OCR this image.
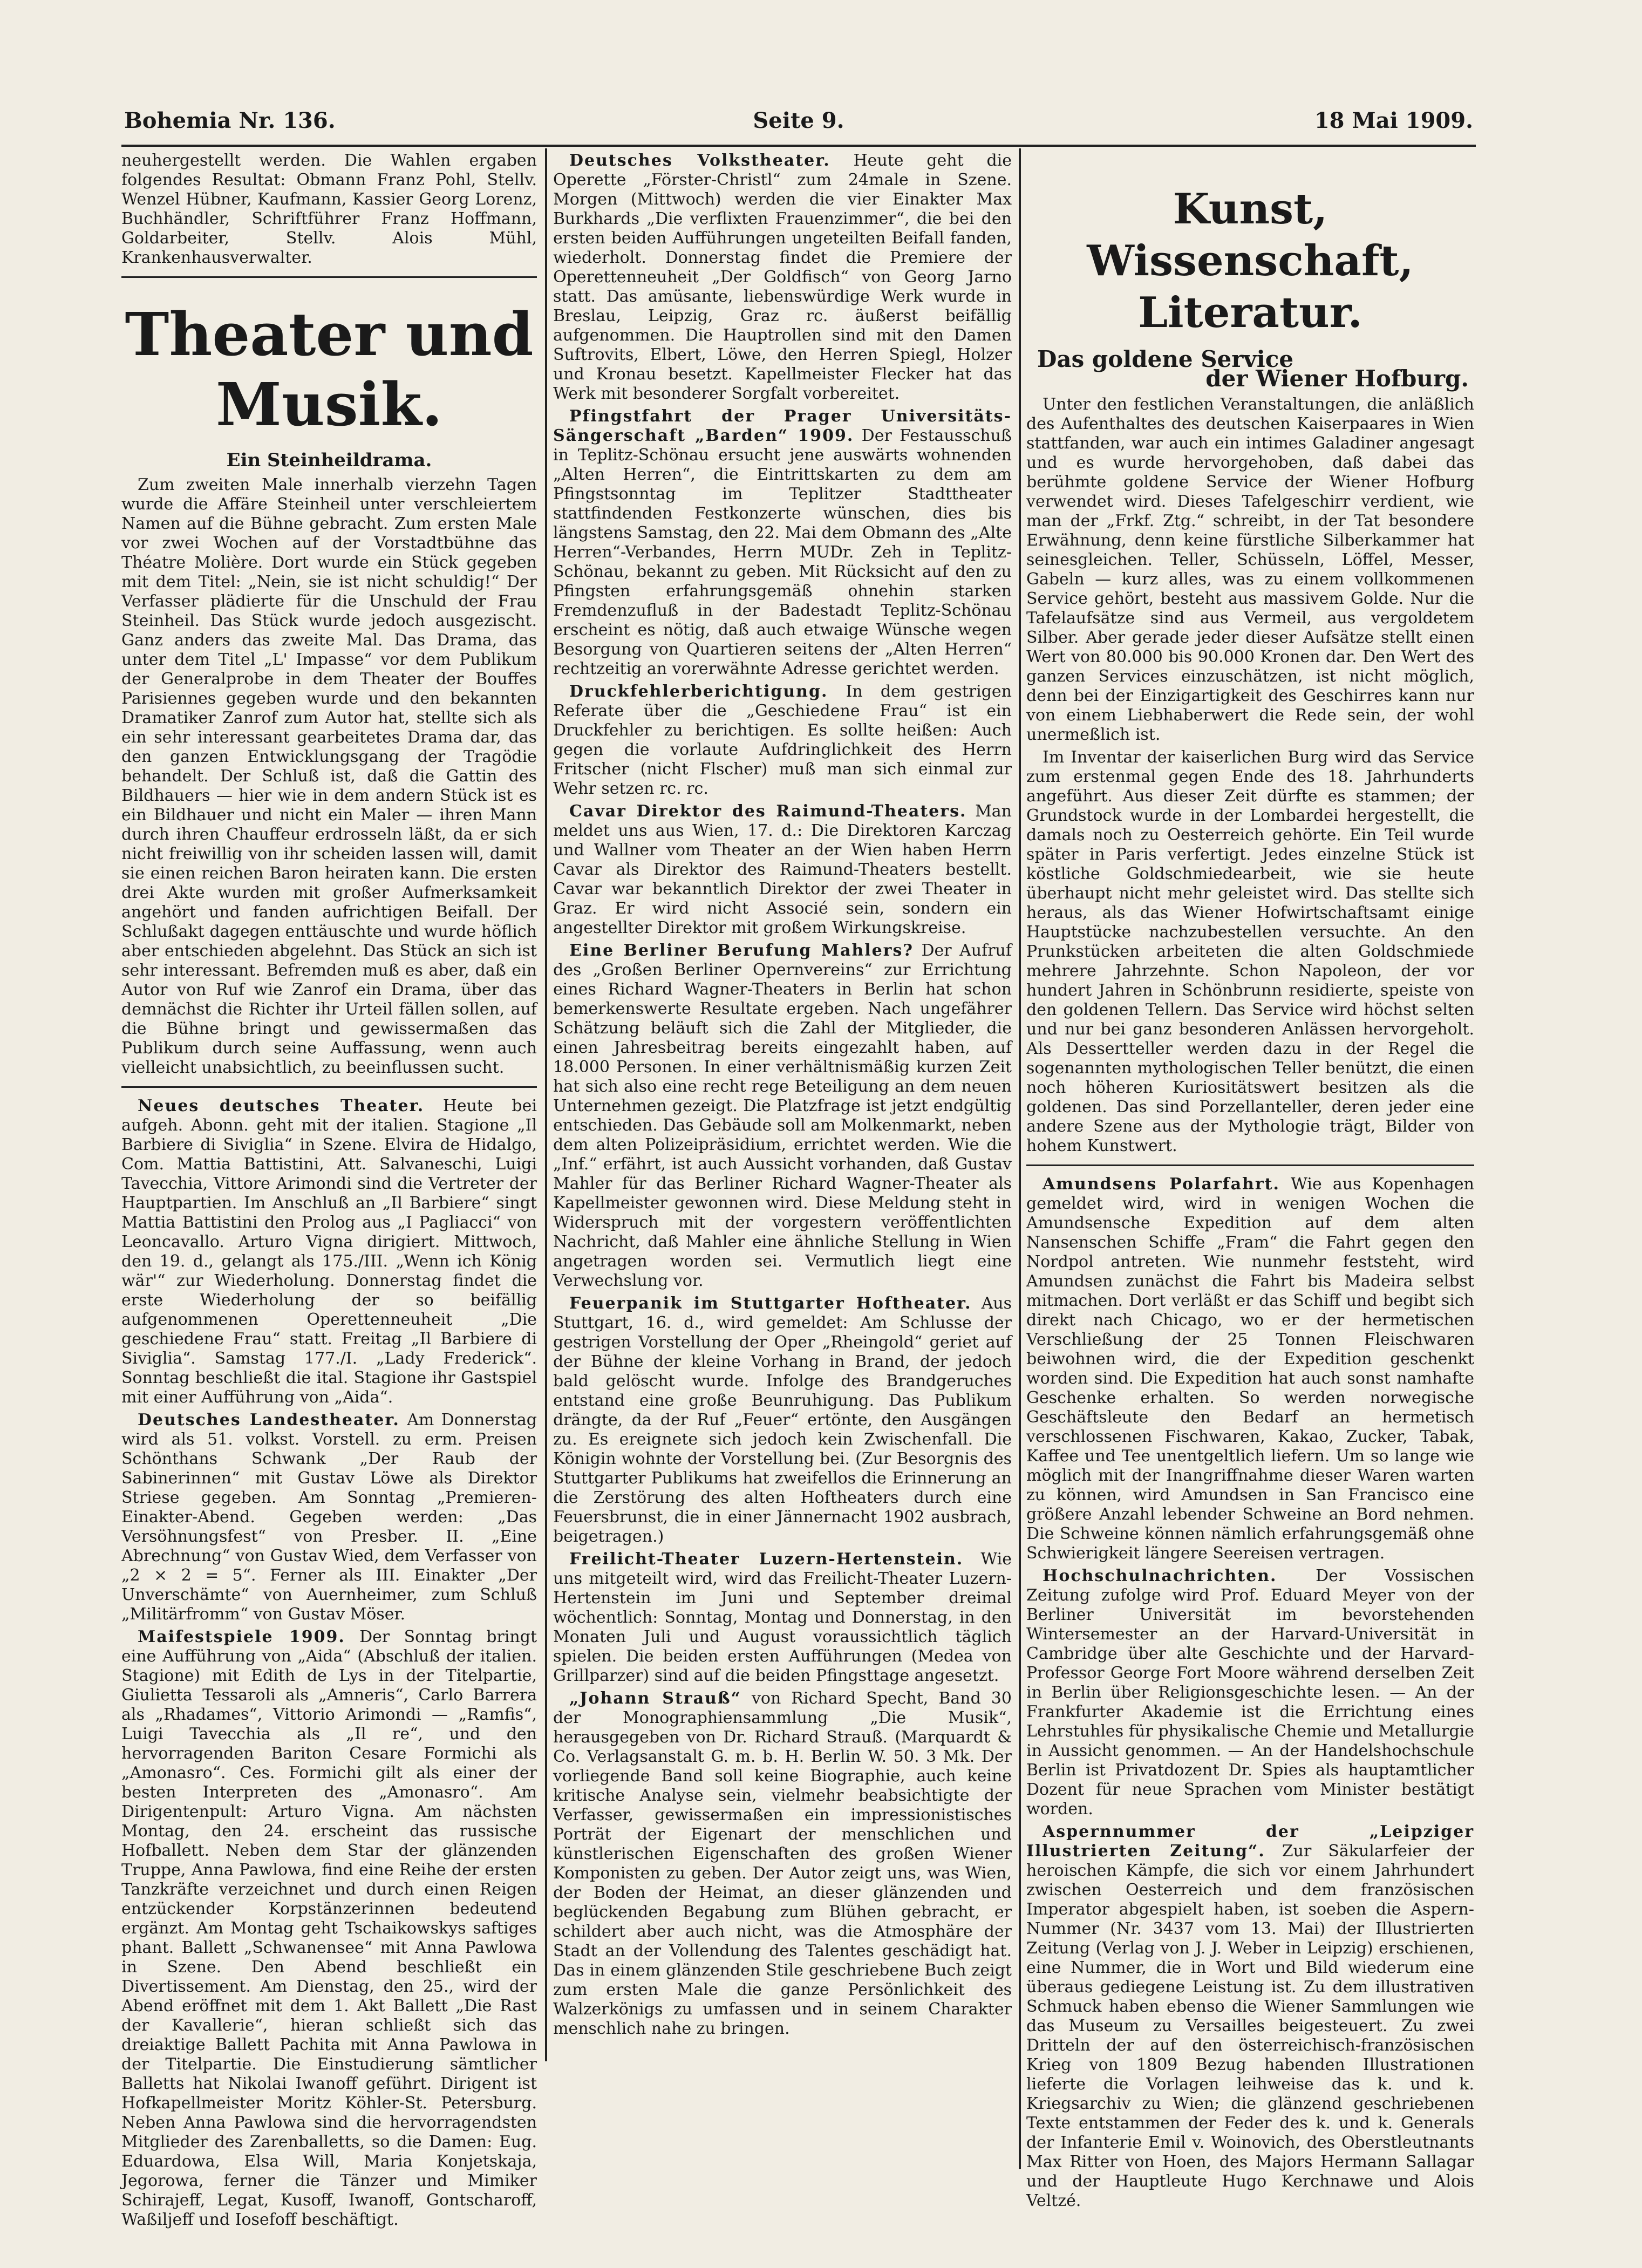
Bohemia Nr. 136.	Seite 9.	18 Mai 1909.

neuhergestellt werden. Die Wahlen ergaben folgendes Resultat: Obmann Franz Pohl, Stellv. Wenzel Hübner, Kaufmann, Kassier Georg Lorenz, Buchhändler, Schriftführer Franz Hoffmann, Goldarbeiter, Stellv. Alois Mühl, Krankenhausverwalter.

Theater und Musik.
Ein Steinheildrama.

Zum zweiten Male innerhalb vierzehn Tagen wurde die Affäre Steinheil unter verschleiertem Namen auf die Bühne gebracht. Zum ersten Male vor zwei Wochen auf der Vorstadtbühne das Théatre Molière. Dort wurde ein Stück gegeben mit dem Titel: „Nein, sie ist nicht schuldig!“ Der Verfasser plädierte für die Unschuld der Frau Steinheil. Das Stück wurde jedoch ausgezischt. Ganz anders das zweite Mal. Das Drama, das unter dem Titel „L' Impasse“ vor dem Publikum der Generalprobe in dem Theater der Bouffes Parisiennes gegeben wurde und den bekannten Dramatiker Zanrof zum Autor hat, stellte sich als ein sehr interessant gearbeitetes Drama dar, das den ganzen Entwicklungsgang der Tragödie behandelt. Der Schluß ist, daß die Gattin des Bildhauers — hier wie in dem andern Stück ist es ein Bildhauer und nicht ein Maler — ihren Mann durch ihren Chauffeur erdrosseln läßt, da er sich nicht freiwillig von ihr scheiden lassen will, damit sie einen reichen Baron heiraten kann. Die ersten drei Akte wurden mit großer Aufmerksamkeit angehört und fanden aufrichtigen Beifall. Der Schlußakt dagegen enttäuschte und wurde höflich aber entschieden abgelehnt. Das Stück an sich ist sehr interessant. Befremden muß es aber, daß ein Autor von Ruf wie Zanrof ein Drama, über das demnächst die Richter ihr Urteil fällen sollen, auf die Bühne bringt und gewissermaßen das Publikum durch seine Auffassung, wenn auch vielleicht unabsichtlich, zu beeinflussen sucht.

Neues deutsches Theater. Heute bei aufgeh. Abonn. geht mit der italien. Stagione „Il Barbiere di Siviglia“ in Szene. Elvira de Hidalgo, Com. Mattia Battistini, Att. Salvaneschi, Luigi Tavecchia, Vittore Arimondi sind die Vertreter der Hauptpartien. Im Anschluß an „Il Barbiere“ singt Mattia Battistini den Prolog aus „I Pagliacci“ von Leoncavallo. Arturo Vigna dirigiert. Mittwoch, den 19. d., gelangt als 175./III. „Wenn ich König wär'“ zur Wiederholung. Donnerstag findet die erste Wiederholung der so beifällig aufgenommenen Operettenneuheit „Die geschiedene Frau“ statt. Freitag „Il Barbiere di Siviglia“. Samstag 177./I. „Lady Frederick“. Sonntag beschließt die ital. Stagione ihr Gastspiel mit einer Aufführung von „Aida“.

Deutsches Landestheater. Am Donnerstag wird als 51. volkst. Vorstell. zu erm. Preisen Schönthans Schwank „Der Raub der Sabinerinnen“ mit Gustav Löwe als Direktor Striese gegeben. Am Sonntag „Premieren-Einakter-Abend. Gegeben werden: „Das Versöhnungsfest“ von Presber. II. „Eine Abrechnung“ von Gustav Wied, dem Verfasser von „2 × 2 = 5“. Ferner als III. Einakter „Der Unverschämte“ von Auernheimer, zum Schluß „Militärfromm“ von Gustav Möser.

Maifestspiele 1909. Der Sonntag bringt eine Aufführung von „Aida“ (Abschluß der italien. Stagione) mit Edith de Lys in der Titelpartie, Giulietta Tessaroli als „Amneris“, Carlo Barrera als „Rhadames“, Vittorio Arimondi — „Ramfis“, Luigi Tavecchia als „Il re“, und den hervorragenden Bariton Cesare Formichi als „Amonasro“. Ces. Formichi gilt als einer der besten Interpreten des „Amonasro“. Am Dirigentenpult: Arturo Vigna. Am nächsten Montag, den 24. erscheint das russische Hofballett. Neben dem Star der glänzenden Truppe, Anna Pawlowa, find eine Reihe der ersten Tanzkräfte verzeichnet und durch einen Reigen entzückender Korpstänzerinnen bedeutend ergänzt. Am Montag geht Tschaikowskys saftiges phant. Ballett „Schwanensee“ mit Anna Pawlowa in Szene. Den Abend beschließt ein Divertissement. Am Dienstag, den 25., wird der Abend eröffnet mit dem 1. Akt Ballett „Die Rast der Kavallerie“, hieran schließt sich das dreiaktige Ballett Pachita mit Anna Pawlowa in der Titelpartie. Die Einstudierung sämtlicher Balletts hat Nikolai Iwanoff geführt. Dirigent ist Hofkapellmeister Moritz Köhler-St. Petersburg. Neben Anna Pawlowa sind die hervorragendsten Mitglieder des Zarenballetts, so die Damen: Eug. Eduardowa, Elsa Will, Maria Konjetskaja, Jegorowa, ferner die Tänzer und Mimiker Schirajeff, Legat, Kusoff, Iwanoff, Gontscharoff, Waßiljeff und Iosefoff beschäftigt.

Deutsches Volkstheater. Heute geht die Operette „Förster-Christl“ zum 24male in Szene. Morgen (Mittwoch) werden die vier Einakter Max Burkhards „Die verflixten Frauenzimmer“, die bei den ersten beiden Aufführungen ungeteilten Beifall fanden, wiederholt. Donnerstag findet die Premiere der Operettenneuheit „Der Goldfisch“ von Georg Jarno statt. Das amüsante, liebenswürdige Werk wurde in Breslau, Leipzig, Graz rc. äußerst beifällig aufgenommen. Die Hauptrollen sind mit den Damen Suftrovits, Elbert, Löwe, den Herren Spiegl, Holzer und Kronau besetzt. Kapellmeister Flecker hat das Werk mit besonderer Sorgfalt vorbereitet.

Pfingstfahrt der Prager Universitäts-Sängerschaft „Barden“ 1909. Der Festausschuß in Teplitz-Schönau ersucht jene auswärts wohnenden „Alten Herren“, die Eintrittskarten zu dem am Pfingstsonntag im Teplitzer Stadttheater stattfindenden Festkonzerte wünschen, dies bis längstens Samstag, den 22. Mai dem Obmann des „Alte Herren“-Verbandes, Herrn MUDr. Zeh in Teplitz-Schönau, bekannt zu geben. Mit Rücksicht auf den zu Pfingsten erfahrungsgemäß ohnehin starken Fremdenzufluß in der Badestadt Teplitz-Schönau erscheint es nötig, daß auch etwaige Wünsche wegen Besorgung von Quartieren seitens der „Alten Herren“ rechtzeitig an vorerwähnte Adresse gerichtet werden.

Druckfehlerberichtigung. In dem gestrigen Referate über die „Geschiedene Frau“ ist ein Druckfehler zu berichtigen. Es sollte heißen: Auch gegen die vorlaute Aufdringlichkeit des Herrn Fritscher (nicht Flscher) muß man sich einmal zur Wehr setzen rc. rc.

Cavar Direktor des Raimund-Theaters. Man meldet uns aus Wien, 17. d.: Die Direktoren Karczag und Wallner vom Theater an der Wien haben Herrn Cavar als Direktor des Raimund-Theaters bestellt. Cavar war bekanntlich Direktor der zwei Theater in Graz. Er wird nicht Associé sein, sondern ein angestellter Direktor mit großem Wirkungskreise.

Eine Berliner Berufung Mahlers? Der Aufruf des „Großen Berliner Opernvereins“ zur Errichtung eines Richard Wagner-Theaters in Berlin hat schon bemerkenswerte Resultate ergeben. Nach ungefährer Schätzung beläuft sich die Zahl der Mitglieder, die einen Jahresbeitrag bereits eingezahlt haben, auf 18.000 Personen. In einer verhältnismäßig kurzen Zeit hat sich also eine recht rege Beteiligung an dem neuen Unternehmen gezeigt. Die Platzfrage ist jetzt endgültig entschieden. Das Gebäude soll am Molkenmarkt, neben dem alten Polizeipräsidium, errichtet werden. Wie die „Inf.“ erfährt, ist auch Aussicht vorhanden, daß Gustav Mahler für das Berliner Richard Wagner-Theater als Kapellmeister gewonnen wird. Diese Meldung steht in Widerspruch mit der vorgestern veröffentlichten Nachricht, daß Mahler eine ähnliche Stellung in Wien angetragen worden sei. Vermutlich liegt eine Verwechslung vor.

Feuerpanik im Stuttgarter Hoftheater. Aus Stuttgart, 16. d., wird gemeldet: Am Schlusse der gestrigen Vorstellung der Oper „Rheingold“ geriet auf der Bühne der kleine Vorhang in Brand, der jedoch bald gelöscht wurde. Infolge des Brandgeruches entstand eine große Beunruhigung. Das Publikum drängte, da der Ruf „Feuer“ ertönte, den Ausgängen zu. Es ereignete sich jedoch kein Zwischenfall. Die Königin wohnte der Vorstellung bei. (Zur Besorgnis des Stuttgarter Publikums hat zweifellos die Erinnerung an die Zerstörung des alten Hoftheaters durch eine Feuersbrunst, die in einer Jännernacht 1902 ausbrach, beigetragen.)

Freilicht-Theater Luzern-Hertenstein. Wie uns mitgeteilt wird, wird das Freilicht-Theater Luzern-Hertenstein im Juni und September dreimal wöchentlich: Sonntag, Montag und Donnerstag, in den Monaten Juli und August voraussichtlich täglich spielen. Die beiden ersten Aufführungen (Medea von Grillparzer) sind auf die beiden Pfingsttage angesetzt.

„Johann Strauß“ von Richard Specht, Band 30 der Monographiensammlung „Die Musik“, herausgegeben von Dr. Richard Strauß. (Marquardt & Co. Verlagsanstalt G. m. b. H. Berlin W. 50. 3 Mk. Der vorliegende Band soll keine Biographie, auch keine kritische Analyse sein, vielmehr beabsichtigte der Verfasser, gewissermaßen ein impressionistisches Porträt der Eigenart der menschlichen und künstlerischen Eigenschaften des großen Wiener Komponisten zu geben. Der Autor zeigt uns, was Wien, der Boden der Heimat, an dieser glänzenden und beglückenden Begabung zum Blühen gebracht, er schildert aber auch nicht, was die Atmosphäre der Stadt an der Vollendung des Talentes geschädigt hat. Das in einem glänzenden Stile geschriebene Buch zeigt zum ersten Male die ganze Persönlichkeit des Walzerkönigs zu umfassen und in seinem Charakter menschlich nahe zu bringen.

Kunst, Wissenschaft, Literatur.
Das goldene Service
der Wiener Hofburg.

Unter den festlichen Veranstaltungen, die anläßlich des Aufenthaltes des deutschen Kaiserpaares in Wien stattfanden, war auch ein intimes Galadiner angesagt und es wurde hervorgehoben, daß dabei das berühmte goldene Service der Wiener Hofburg verwendet wird. Dieses Tafelgeschirr verdient, wie man der „Frkf. Ztg.“ schreibt, in der Tat besondere Erwähnung, denn keine fürstliche Silberkammer hat seinesgleichen. Teller, Schüsseln, Löffel, Messer, Gabeln — kurz alles, was zu einem vollkommenen Service gehört, besteht aus massivem Golde. Nur die Tafelaufsätze sind aus Vermeil, aus vergoldetem Silber. Aber gerade jeder dieser Aufsätze stellt einen Wert von 80.000 bis 90.000 Kronen dar. Den Wert des ganzen Services einzuschätzen, ist nicht möglich, denn bei der Einzigartigkeit des Geschirres kann nur von einem Liebhaberwert die Rede sein, der wohl unermeßlich ist.

Im Inventar der kaiserlichen Burg wird das Service zum erstenmal gegen Ende des 18. Jahrhunderts angeführt. Aus dieser Zeit dürfte es stammen; der Grundstock wurde in der Lombardei hergestellt, die damals noch zu Oesterreich gehörte. Ein Teil wurde später in Paris verfertigt. Jedes einzelne Stück ist köstliche Goldschmiedearbeit, wie sie heute überhaupt nicht mehr geleistet wird. Das stellte sich heraus, als das Wiener Hofwirtschaftsamt einige Hauptstücke nachzubestellen versuchte. An den Prunkstücken arbeiteten die alten Goldschmiede mehrere Jahrzehnte. Schon Napoleon, der vor hundert Jahren in Schönbrunn residierte, speiste von den goldenen Tellern. Das Service wird höchst selten und nur bei ganz besonderen Anlässen hervorgeholt. Als Dessertteller werden dazu in der Regel die sogenannten mythologischen Teller benützt, die einen noch höheren Kuriositätswert besitzen als die goldenen. Das sind Porzellanteller, deren jeder eine andere Szene aus der Mythologie trägt, Bilder von hohem Kunstwert.

Amundsens Polarfahrt. Wie aus Kopenhagen gemeldet wird, wird in wenigen Wochen die Amundsensche Expedition auf dem alten Nansenschen Schiffe „Fram“ die Fahrt gegen den Nordpol antreten. Wie nunmehr feststeht, wird Amundsen zunächst die Fahrt bis Madeira selbst mitmachen. Dort verläßt er das Schiff und begibt sich direkt nach Chicago, wo er der hermetischen Verschließung der 25 Tonnen Fleischwaren beiwohnen wird, die der Expedition geschenkt worden sind. Die Expedition hat auch sonst namhafte Geschenke erhalten. So werden norwegische Geschäftsleute den Bedarf an hermetisch verschlossenen Fischwaren, Kakao, Zucker, Tabak, Kaffee und Tee unentgeltlich liefern. Um so lange wie möglich mit der Inangriffnahme dieser Waren warten zu können, wird Amundsen in San Francisco eine größere Anzahl lebender Schweine an Bord nehmen. Die Schweine können nämlich erfahrungsgemäß ohne Schwierigkeit längere Seereisen vertragen.

Hochschulnachrichten. Der Vossischen Zeitung zufolge wird Prof. Eduard Meyer von der Berliner Universität im bevorstehenden Wintersemester an der Harvard-Universität in Cambridge über alte Geschichte und der Harvard-Professor George Fort Moore während derselben Zeit in Berlin über Religionsgeschichte lesen. — An der Frankfurter Akademie ist die Errichtung eines Lehrstuhles für physikalische Chemie und Metallurgie in Aussicht genommen. — An der Handelshochschule Berlin ist Privatdozent Dr. Spies als hauptamtlicher Dozent für neue Sprachen vom Minister bestätigt worden.

Aspernnummer der „Leipziger Illustrierten Zeitung“. Zur Säkularfeier der heroischen Kämpfe, die sich vor einem Jahrhundert zwischen Oesterreich und dem französischen Imperator abgespielt haben, ist soeben die Aspern-Nummer (Nr. 3437 vom 13. Mai) der Illustrierten Zeitung (Verlag von J. J. Weber in Leipzig) erschienen, eine Nummer, die in Wort und Bild wiederum eine überaus gediegene Leistung ist. Zu dem illustrativen Schmuck haben ebenso die Wiener Sammlungen wie das Museum zu Versailles beigesteuert. Zu zwei Dritteln der auf den österreichisch-französischen Krieg von 1809 Bezug habenden Illustrationen lieferte die Vorlagen leihweise das k. und k. Kriegsarchiv zu Wien; die glänzend geschriebenen Texte entstammen der Feder des k. und k. Generals der Infanterie Emil v. Woinovich, des Oberstleutnants Max Ritter von Hoen, des Majors Hermann Sallagar und der Hauptleute Hugo Kerchnawe und Alois Veltzé.
